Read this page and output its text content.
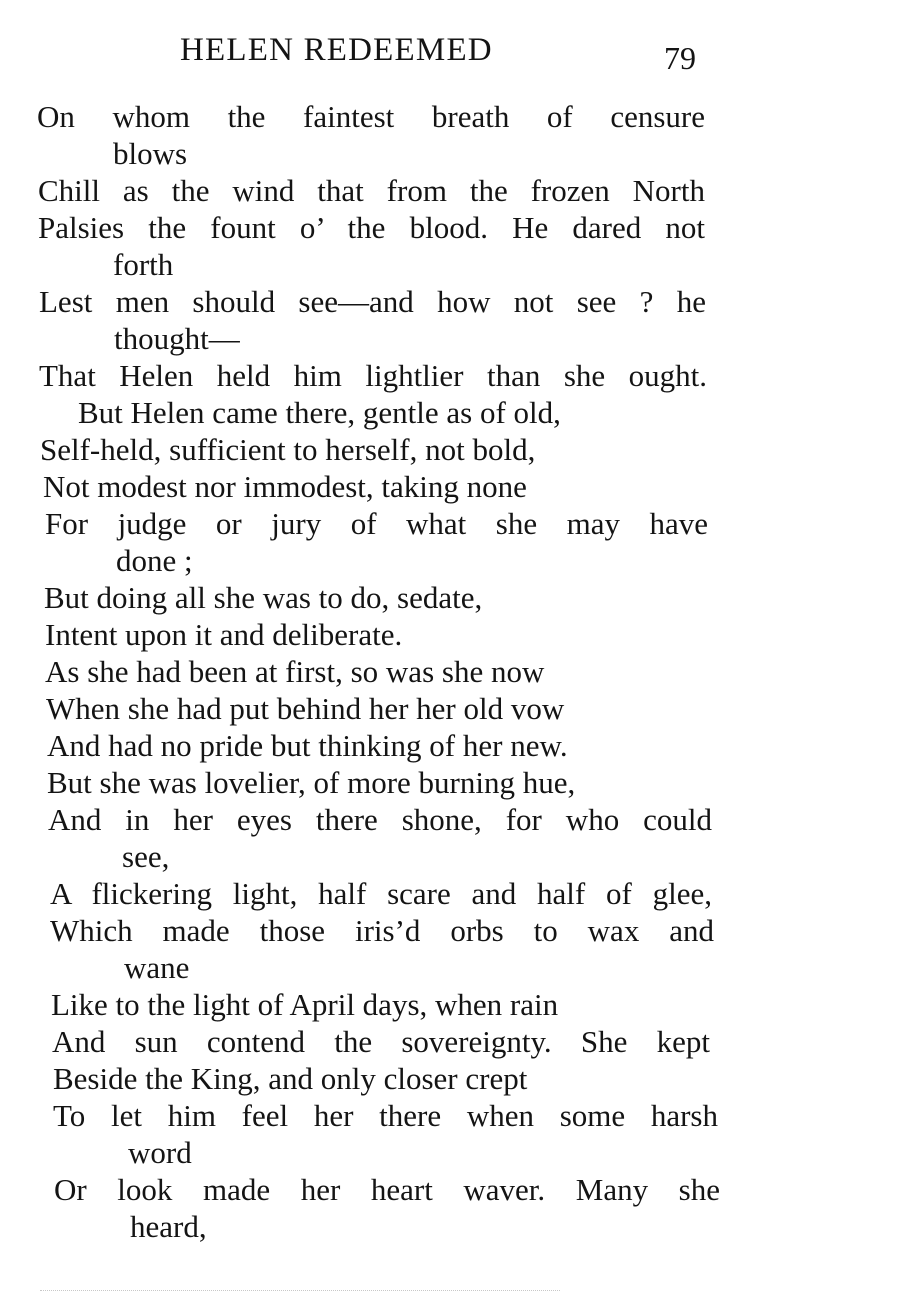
HELEN REDEEMED	79
On whom the faintest breath of censure
blows
Chill as the wind that from the frozen North
Palsies the fount o’ the blood. He dared not
forth
Lest men should see—and how not see ? he
thought—
That Helen held him lightlier than she ought.
But Helen came there, gentle as of old,
Self-held, sufficient to herself, not bold,
Not modest nor immodest, taking none
For judge or jury of what she may have
done ;
But doing all she was to do, sedate,
Intent upon it and deliberate.
As she had been at first, so was she now
When she had put behind her her old vow
And had no pride but thinking of her new.
But she was lovelier, of more burning hue,
And in her eyes there shone, for who could
see,
A flickering light, half scare and half of glee,
Which made those iris’d orbs to wax and
wane
Like to the light of April days, when rain
And sun contend the sovereignty. She kept
Beside the King, and only closer crept
To let him feel her there when some harsh
word
Or look made her heart waver. Many she
heard,
